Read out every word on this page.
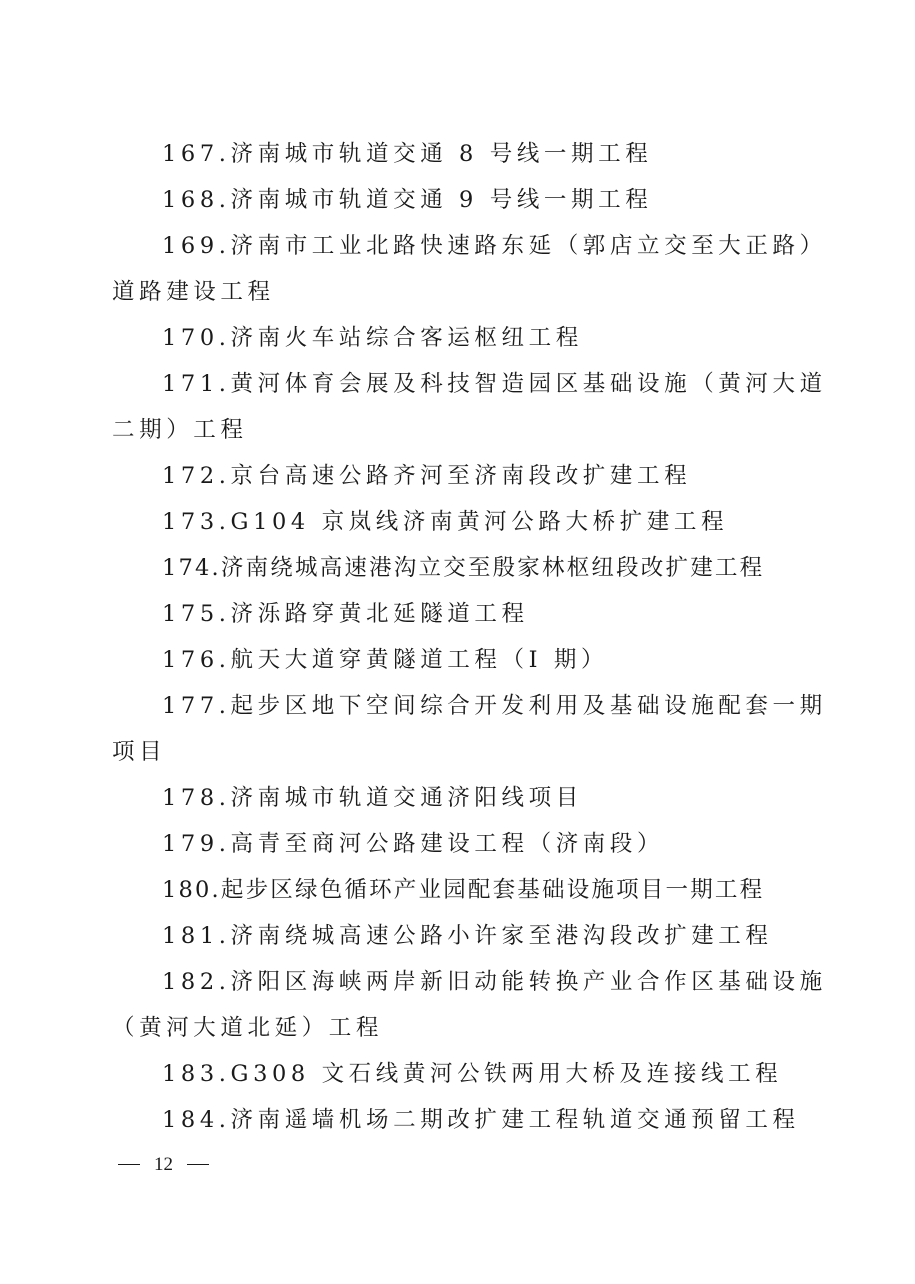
167.济南城市轨道交通 8 号线一期工程
168.济南城市轨道交通 9 号线一期工程
169.济南市工业北路快速路东延（郭店立交至大正路）
道路建设工程
170.济南火车站综合客运枢纽工程
171.黄河体育会展及科技智造园区基础设施（黄河大道
二期）工程
172.京台高速公路齐河至济南段改扩建工程
173.G104 京岚线济南黄河公路大桥扩建工程
174.济南绕城高速港沟立交至殷家林枢纽段改扩建工程
175.济泺路穿黄北延隧道工程
176.航天大道穿黄隧道工程（I 期）
177.起步区地下空间综合开发利用及基础设施配套一期
项目
178.济南城市轨道交通济阳线项目
179.高青至商河公路建设工程（济南段）
180.起步区绿色循环产业园配套基础设施项目一期工程
181.济南绕城高速公路小许家至港沟段改扩建工程
182.济阳区海峡两岸新旧动能转换产业合作区基础设施
（黄河大道北延）工程
183.G308 文石线黄河公铁两用大桥及连接线工程
184.济南遥墙机场二期改扩建工程轨道交通预留工程
12
